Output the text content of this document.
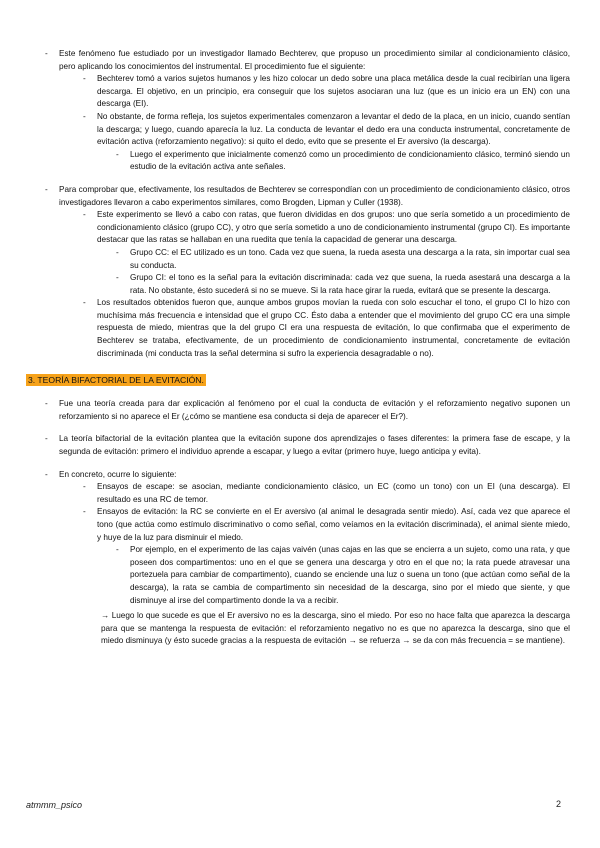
-	Este fenómeno fue estudiado por un investigador llamado Bechterev, que propuso un procedimiento similar al condicionamiento clásico, pero aplicando los conocimientos del instrumental. El procedimiento fue el siguiente:
-	Bechterev tomó a varios sujetos humanos y les hizo colocar un dedo sobre una placa metálica desde la cual recibirían una ligera descarga. El objetivo, en un principio, era conseguir que los sujetos asociaran una luz (que es un inicio era un EN) con una descarga (EI).
-	No obstante, de forma refleja, los sujetos experimentales comenzaron a levantar el dedo de la placa, en un inicio, cuando sentían la descarga; y luego, cuando aparecía la luz. La conducta de levantar el dedo era una conducta instrumental, concretamente de evitación activa (reforzamiento negativo): si quito el dedo, evito que se presente el Er aversivo (la descarga).
-	Luego el experimento que inicialmente comenzó como un procedimiento de condicionamiento clásico, terminó siendo un estudio de la evitación activa ante señales.
-	Para comprobar que, efectivamente, los resultados de Bechterev se correspondían con un procedimiento de condicionamiento clásico, otros investigadores llevaron a cabo experimentos similares, como Brogden, Lipman y Culler (1938).
-	Este experimento se llevó a cabo con ratas, que fueron divididas en dos grupos: uno que sería sometido a un procedimiento de condicionamiento clásico (grupo CC), y otro que sería sometido a uno de condicionamiento instrumental (grupo CI). Es importante destacar que las ratas se hallaban en una ruedita que tenía la capacidad de generar una descarga.
-	Grupo CC: el EC utilizado es un tono. Cada vez que suena, la rueda asesta una descarga a la rata, sin importar cual sea su conducta.
-	Grupo CI: el tono es la señal para la evitación discriminada: cada vez que suena, la rueda asestará una descarga a la rata. No obstante, ésto sucederá si no se mueve. Si la rata hace girar la rueda, evitará que se presente la descarga.
-	Los resultados obtenidos fueron que, aunque ambos grupos movían la rueda con solo escuchar el tono, el grupo CI lo hizo con muchísima más frecuencia e intensidad que el grupo CC. Ésto daba a entender que el movimiento del grupo CC era una simple respuesta de miedo, mientras que la del grupo CI era una respuesta de evitación, lo que confirmaba que el experimento de Bechterev se trataba, efectivamente, de un procedimiento de condicionamiento instrumental, concretamente de evitación discriminada (mi conducta tras la señal determina si sufro la experiencia desagradable o no).
3. TEORÍA BIFACTORIAL DE LA EVITACIÓN.
-	Fue una teoría creada para dar explicación al fenómeno por el cual la conducta de evitación y el reforzamiento negativo suponen un reforzamiento si no aparece el Er (¿cómo se mantiene esa conducta si deja de aparecer el Er?).
-	La teoría bifactorial de la evitación plantea que la evitación supone dos aprendizajes o fases diferentes: la primera fase de escape, y la segunda de evitación: primero el individuo aprende a escapar, y luego a evitar (primero huye, luego anticipa y evita).
-	En concreto, ocurre lo siguiente:
-	Ensayos de escape: se asocian, mediante condicionamiento clásico, un EC (como un tono) con un EI (una descarga). El resultado es una RC de temor.
-	Ensayos de evitación: la RC se convierte en el Er aversivo (al animal le desagrada sentir miedo). Así, cada vez que aparece el tono (que actúa como estímulo discriminativo o como señal, como veíamos en la evitación discriminada), el animal siente miedo, y huye de la luz para disminuir el miedo.
-	Por ejemplo, en el experimento de las cajas vaivén (unas cajas en las que se encierra a un sujeto, como una rata, y que poseen dos compartimentos: uno en el que se genera una descarga y otro en el que no; la rata puede atravesar una portezuela para cambiar de compartimento), cuando se enciende una luz o suena un tono (que actúan como señal de la descarga), la rata se cambia de compartimento sin necesidad de la descarga, sino por el miedo que siente, y que disminuye al irse del compartimento donde la va a recibir.
→ Luego lo que sucede es que el Er aversivo no es la descarga, sino el miedo. Por eso no hace falta que aparezca la descarga para que se mantenga la respuesta de evitación: el reforzamiento negativo no es que no aparezca la descarga, sino que el miedo disminuya (y ésto sucede gracias a la respuesta de evitación → se refuerza → se da con más frecuencia = se mantiene).
atmmm_psico	2
